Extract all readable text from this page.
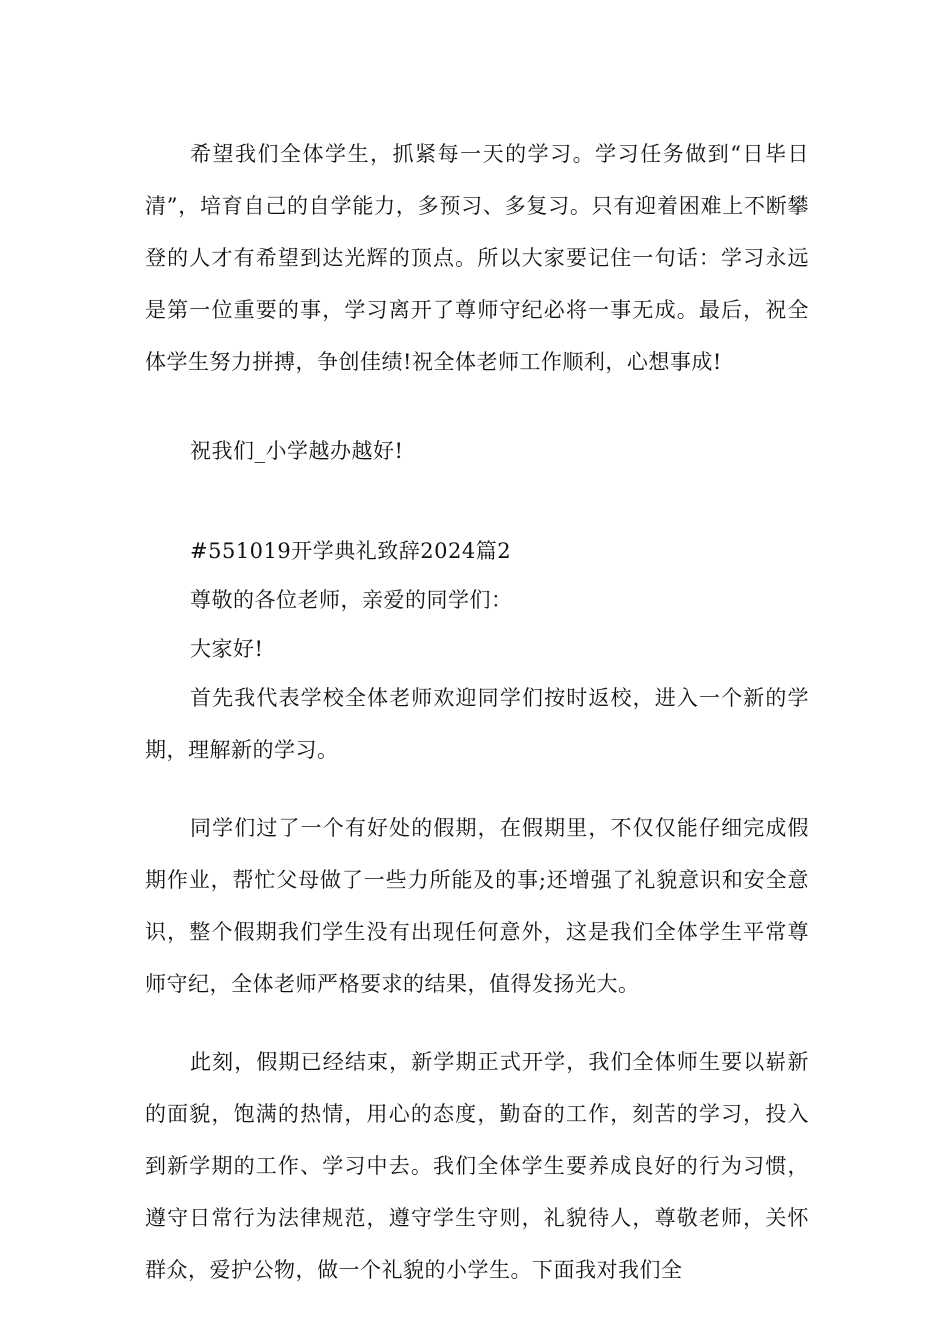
希望我们全体学生，抓紧每一天的学习。学习任务做到“日毕日清”，培育自己的自学能力，多预习、多复习。只有迎着困难上不断攀登的人才有希望到达光辉的顶点。所以大家要记住一句话：学习永远是第一位重要的事，学习离开了尊师守纪必将一事无成。最后，祝全体学生努力拼搏，争创佳绩!祝全体老师工作顺利，心想事成!

祝我们_小学越办越好!

#551019开学典礼致辞2024篇2

尊敬的各位老师，亲爱的同学们：

大家好!

首先我代表学校全体老师欢迎同学们按时返校，进入一个新的学期，理解新的学习。

同学们过了一个有好处的假期，在假期里，不仅仅能仔细完成假期作业，帮忙父母做了一些力所能及的事;还增强了礼貌意识和安全意识，整个假期我们学生没有出现任何意外，这是我们全体学生平常尊师守纪，全体老师严格要求的结果，值得发扬光大。

此刻，假期已经结束，新学期正式开学，我们全体师生要以崭新的面貌，饱满的热情，用心的态度，勤奋的工作，刻苦的学习，投入到新学期的工作、学习中去。我们全体学生要养成良好的行为习惯，遵守日常行为法律规范，遵守学生守则，礼貌待人，尊敬老师，关怀群众，爱护公物，做一个礼貌的小学生。下面我对我们全
